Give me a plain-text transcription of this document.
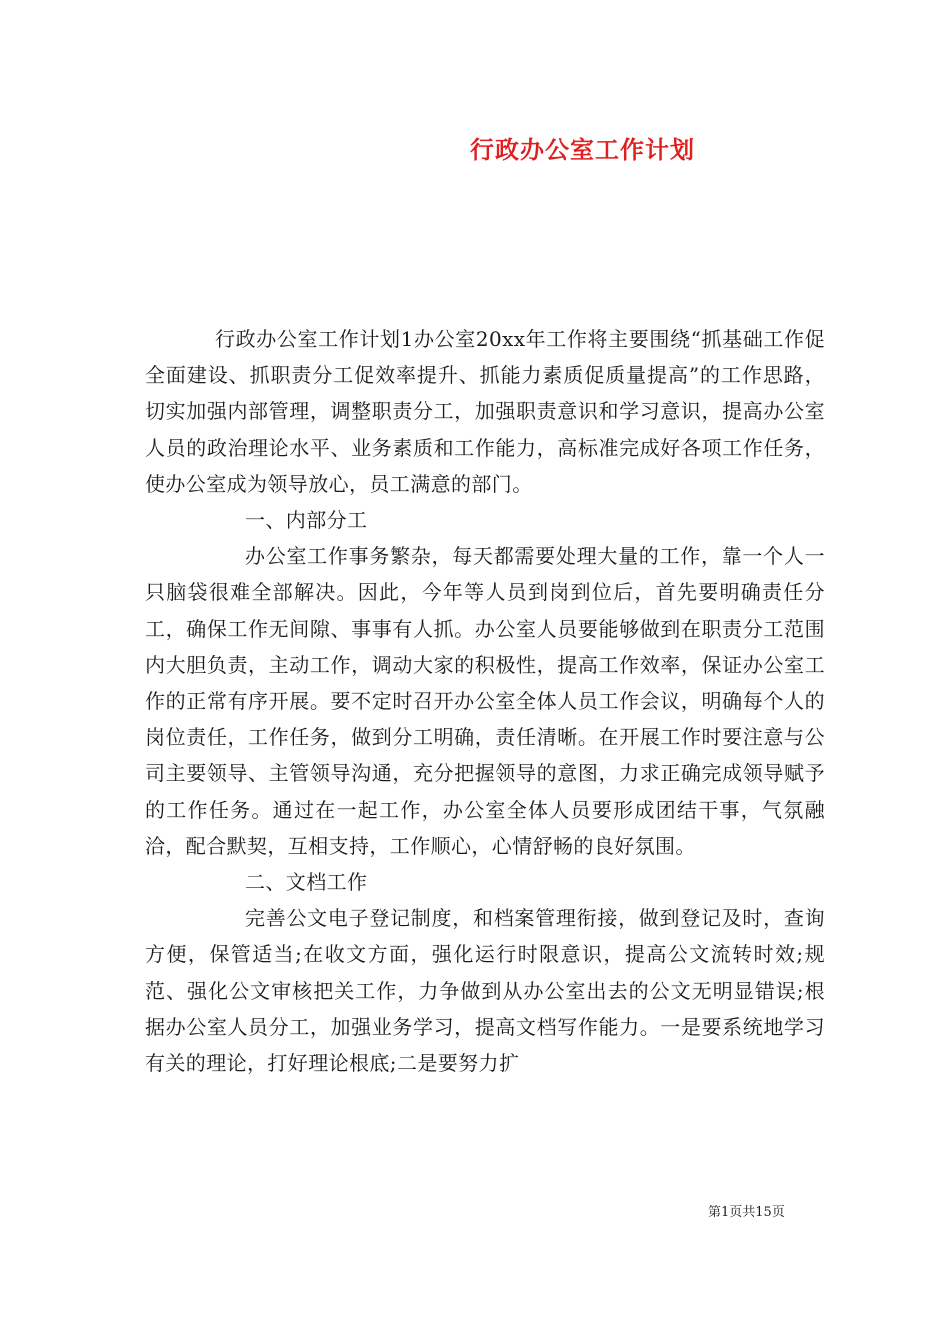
行政办公室工作计划

行政办公室工作计划1办公室20xx年工作将主要围绕“抓基础工作促全面建设、抓职责分工促效率提升、抓能力素质促质量提高”的工作思路，切实加强内部管理，调整职责分工，加强职责意识和学习意识，提高办公室人员的政治理论水平、业务素质和工作能力，高标准完成好各项工作任务，使办公室成为领导放心，员工满意的部门。

一、内部分工

办公室工作事务繁杂，每天都需要处理大量的工作，靠一个人一只脑袋很难全部解决。因此，今年等人员到岗到位后，首先要明确责任分工，确保工作无间隙、事事有人抓。办公室人员要能够做到在职责分工范围内大胆负责，主动工作，调动大家的积极性，提高工作效率，保证办公室工作的正常有序开展。要不定时召开办公室全体人员工作会议，明确每个人的岗位责任，工作任务，做到分工明确，责任清晰。在开展工作时要注意与公司主要领导、主管领导沟通，充分把握领导的意图，力求正确完成领导赋予的工作任务。通过在一起工作，办公室全体人员要形成团结干事，气氛融洽，配合默契，互相支持，工作顺心，心情舒畅的良好氛围。

二、文档工作

完善公文电子登记制度，和档案管理衔接，做到登记及时，查询方便，保管适当;在收文方面，强化运行时限意识，提高公文流转时效;规范、强化公文审核把关工作，力争做到从办公室出去的公文无明显错误;根据办公室人员分工，加强业务学习，提高文档写作能力。一是要系统地学习有关的理论，打好理论根底;二是要努力扩

第1页共15页
